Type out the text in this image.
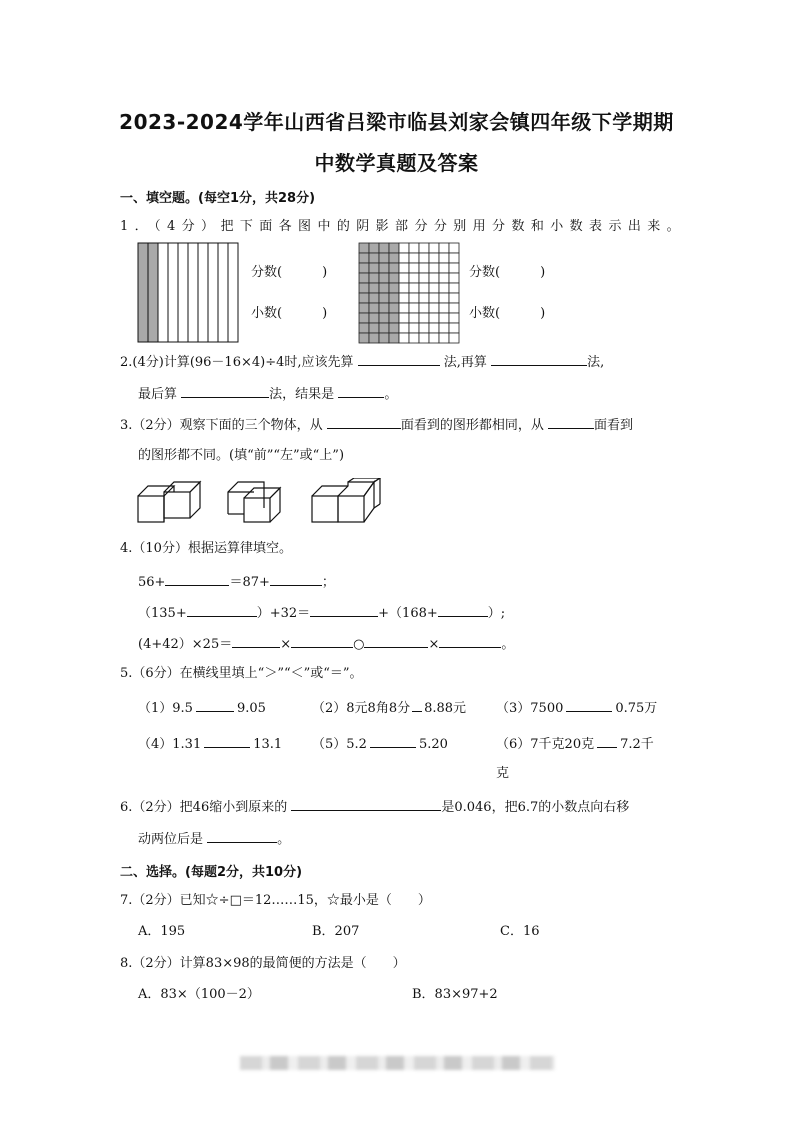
2023-2024学年山西省吕梁市临县刘家会镇四年级下学期期
中数学真题及答案
一、填空题。(每空1分，共28分)
1．（4分）把下面各图中的阴影部分分别用分数和小数表示出来。
分数(	)
小数(	)
分数(	)
小数(	)
2.(4分)计算(96－16×4)÷4时,应该先算	法,再算	法,
最后算	法，结果是	。
3.（2分）观察下面的三个物体，从	面看到的图形都相同，从	面看到
的图形都不同。(填“前”“左”或“上”)
4.（10分）根据运算律填空。
56+	＝87+	；
（135+	）+32＝	+（168+	）;
(4+42）×25＝	×	○	×	。
5.（6分）在横线里填上“＞”“＜”或“＝”。
（1）9.5	9.05	（2）8元8角8分 8.88元 （3）7500	0.75万
（4）1.31	13.1 （5）5.2	5.20	（6）7千克20克 7.2千
克
6.（2分）把46缩小到原来的	是0.046，把6.7的小数点向右移
动两位后是	。
二、选择。(每题2分，共10分)
7.（2分）已知☆÷□＝12……15，☆最小是（　　）
A．195	B．207	C．16
8.（2分）计算83×98的最简便的方法是（　　）
A．83×（100－2）	B．83×97+2
